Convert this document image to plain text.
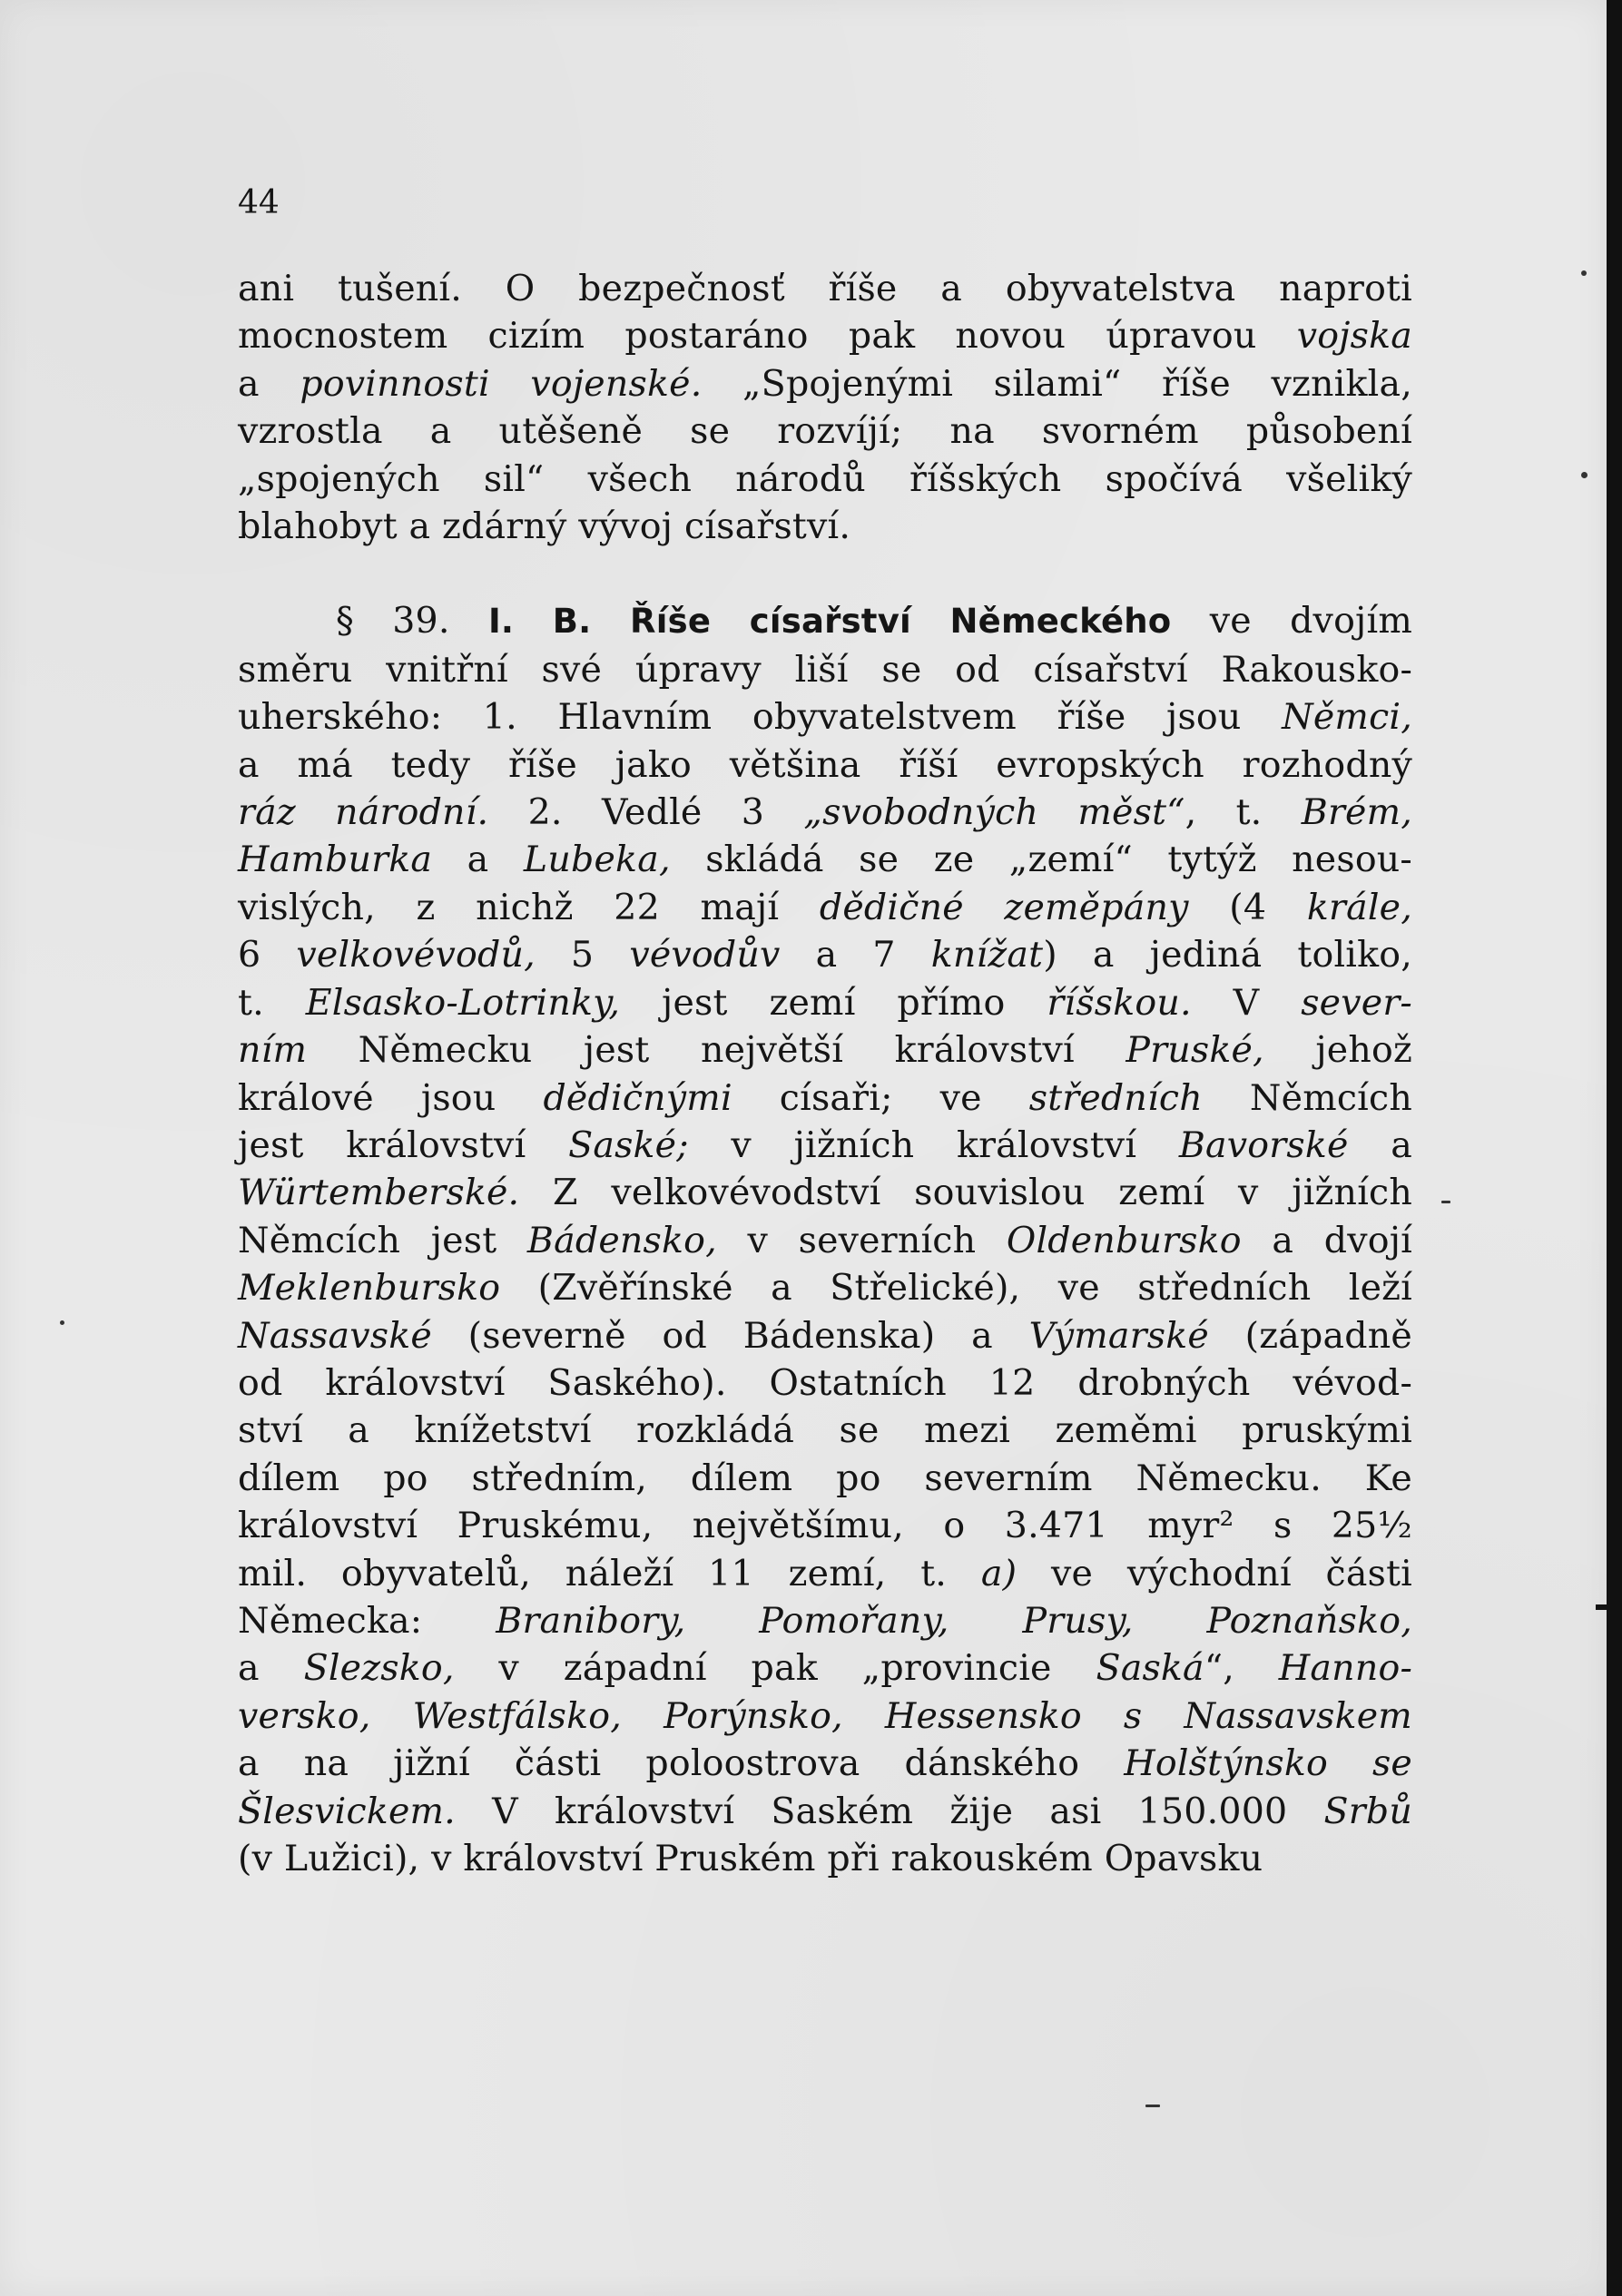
44
ani tušení. O bezpečnosť říše a obyvatelstva naproti
mocnostem cizím postaráno pak novou úpravou vojska
a povinnosti vojenské. „Spojenými silami“ říše vznikla,
vzrostla a utěšeně se rozvíjí; na svorném působení
„spojených sil“ všech národů říšských spočívá všeliký
blahobyt a zdárný vývoj císařství.
§ 39. I. B. Říše císařství Německého ve dvojím
směru vnitřní své úpravy liší se od císařství Rakousko-
uherského: 1. Hlavním obyvatelstvem říše jsou Němci,
a má tedy říše jako většina říší evropských rozhodný
ráz národní. 2. Vedlé 3 „svobodných měst“, t. Brém,
Hamburka a Lubeka, skládá se ze „zemí“ tytýž nesou-
vislých, z nichž 22 mají dědičné zeměpány (4 krále,
6 velkovévodů, 5 vévodův a 7 knížat) a jediná toliko,
t. Elsasko-Lotrinky, jest zemí přímo říšskou. V sever-
ním Německu jest největší království Pruské, jehož
králové jsou dědičnými císaři; ve středních Němcích
jest království Saské; v jižních království Bavorské a
Würtemberské. Z velkovévodství souvislou zemí v jižních
Němcích jest Bádensko, v severních Oldenbursko a dvojí
Meklenbursko (Zvěřínské a Střelické), ve středních leží
Nassavské (severně od Bádenska) a Výmarské (západně
od království Saského). Ostatních 12 drobných vévod-
ství a knížetství rozkládá se mezi zeměmi pruskými
dílem po středním, dílem po severním Německu. Ke
království Pruskému, největšímu, o 3.471 myr² s 25½
mil. obyvatelů, náleží 11 zemí, t. a) ve východní části
Německa: Branibory, Pomořany, Prusy, Poznaňsko,
a Slezsko, v západní pak „provincie Saská“, Hanno-
versko, Westfálsko, Porýnsko, Hessensko s Nassavskem
a na jižní části poloostrova dánského Holštýnsko se
Šlesvickem. V království Saském žije asi 150.000 Srbů
(v Lužici), v království Pruském při rakouském Opavsku
